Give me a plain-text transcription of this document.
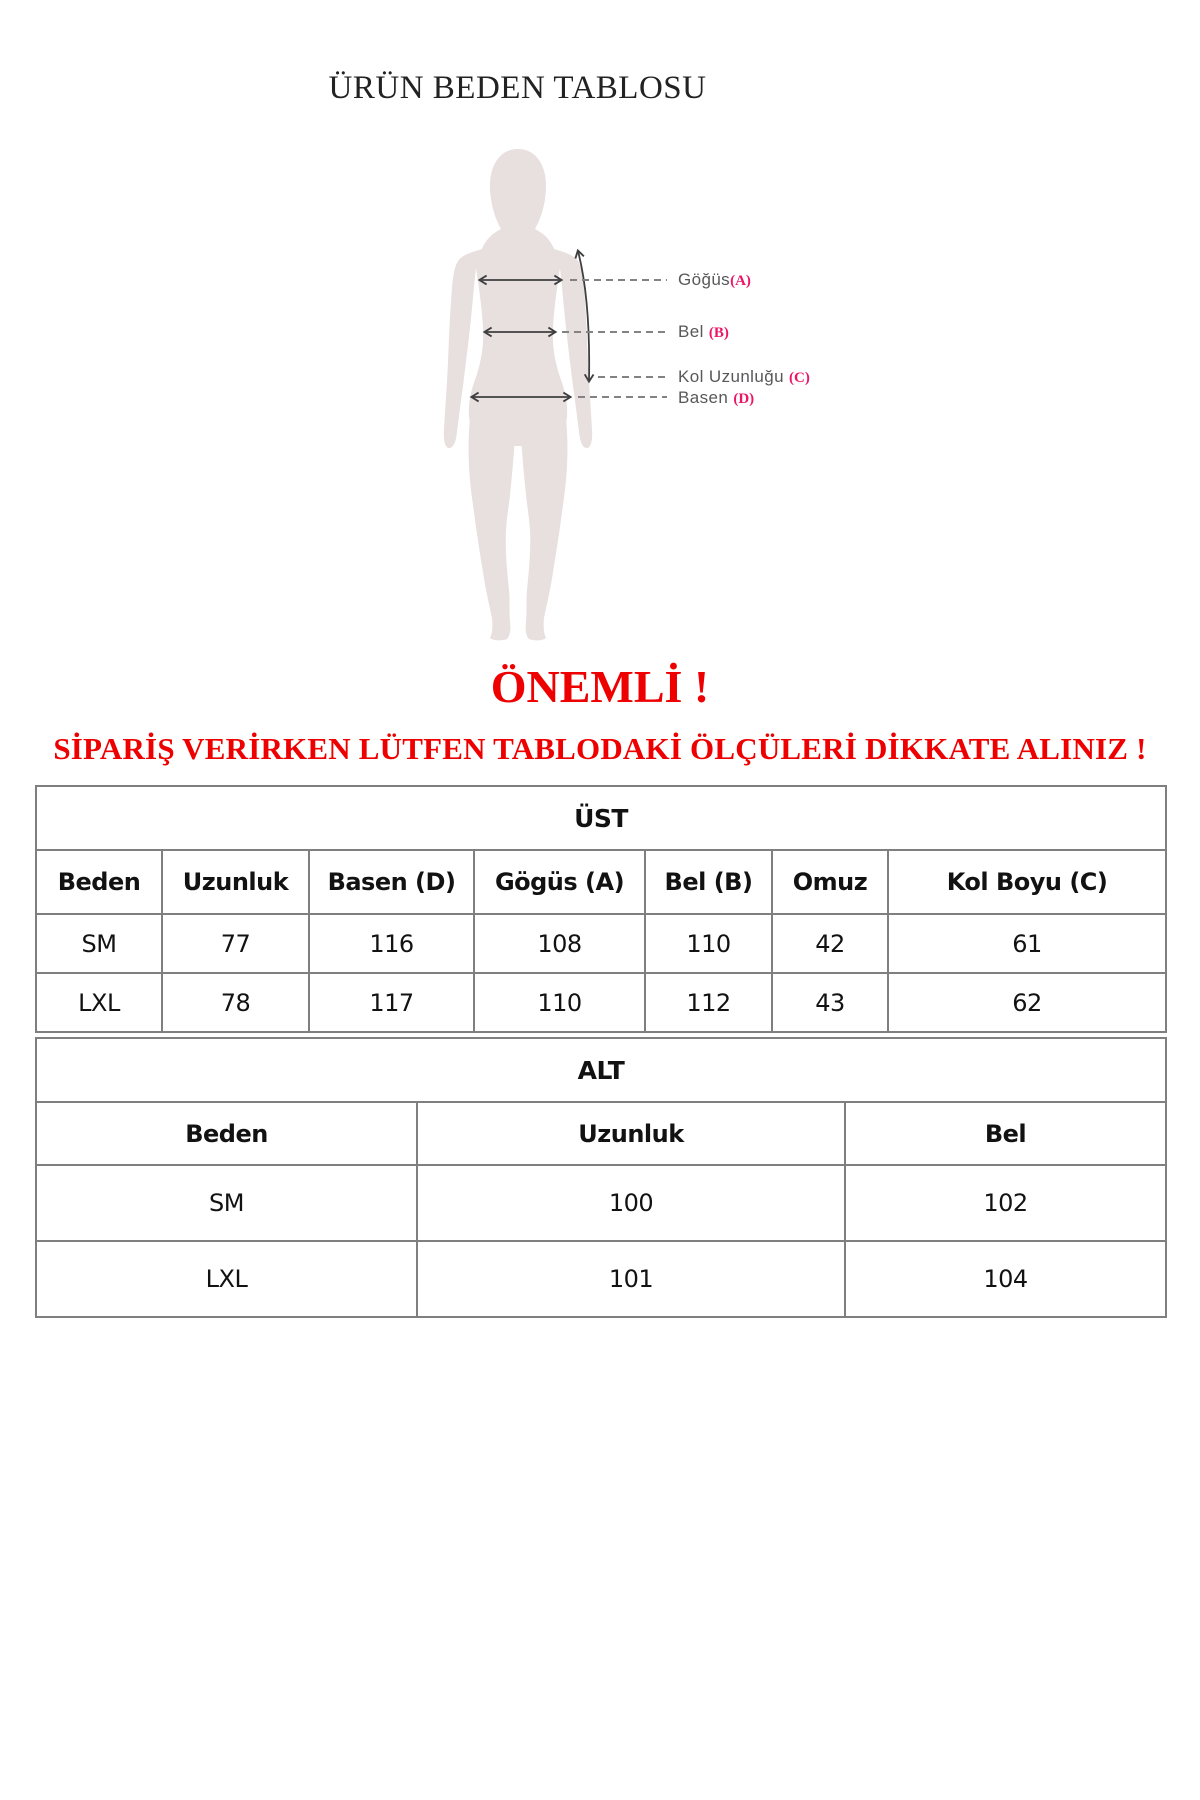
ÜRÜN BEDEN TABLOSU
Göğüs(A)
Bel (B)
Kol Uzunluğu (C)
Basen (D)
ÖNEMLİ !
SİPARİŞ VERİRKEN LÜTFEN TABLODAKİ ÖLÇÜLERİ DİKKATE ALINIZ !
ÜST						
Beden	Uzunluk	Basen (D)	Gögüs (A)	Bel (B)	Omuz	Kol Boyu (C)
SM	77	116	108	110	42	61
LXL	78	117	110	112	43	62
ALT		
Beden	Uzunluk	Bel
SM	100	102
LXL	101	104
